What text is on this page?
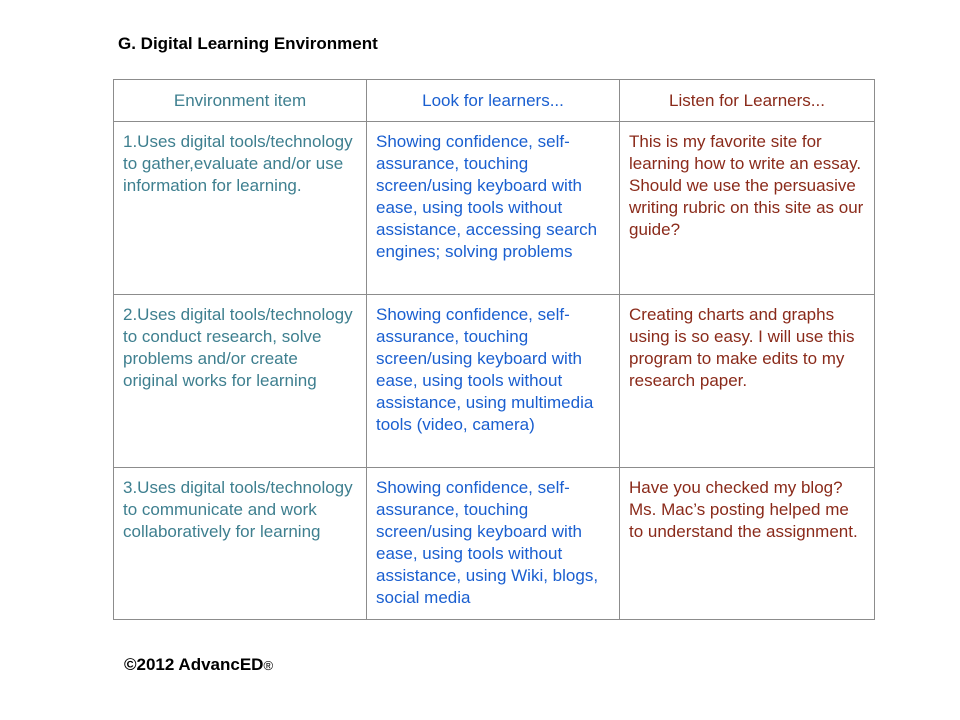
G. Digital Learning Environment
Environment item	Look for learners...	Listen for Learners...
1.Uses digital tools/technology to gather,evaluate and/or use information for learning.	Showing confidence, self-assurance, touching screen/using keyboard with ease, using tools without assistance, accessing search engines; solving problems	This is my favorite site for learning how to write an essay. Should we use the persuasive writing rubric on this site as our guide?
2.Uses digital tools/technology to conduct research, solve problems and/or create original works for learning	Showing confidence, self-assurance, touching screen/using keyboard with ease, using tools without assistance, using multimedia tools (video, camera)	Creating charts and graphs using is so easy. I will use this program to make edits to my research paper.
3.Uses digital tools/technology to communicate and work collaboratively for learning	Showing confidence, self-assurance, touching screen/using keyboard with ease, using tools without assistance, using Wiki, blogs, social media	Have you checked my blog? Ms. Mac’s posting helped me to understand the assignment.
©2012 AdvancED®
